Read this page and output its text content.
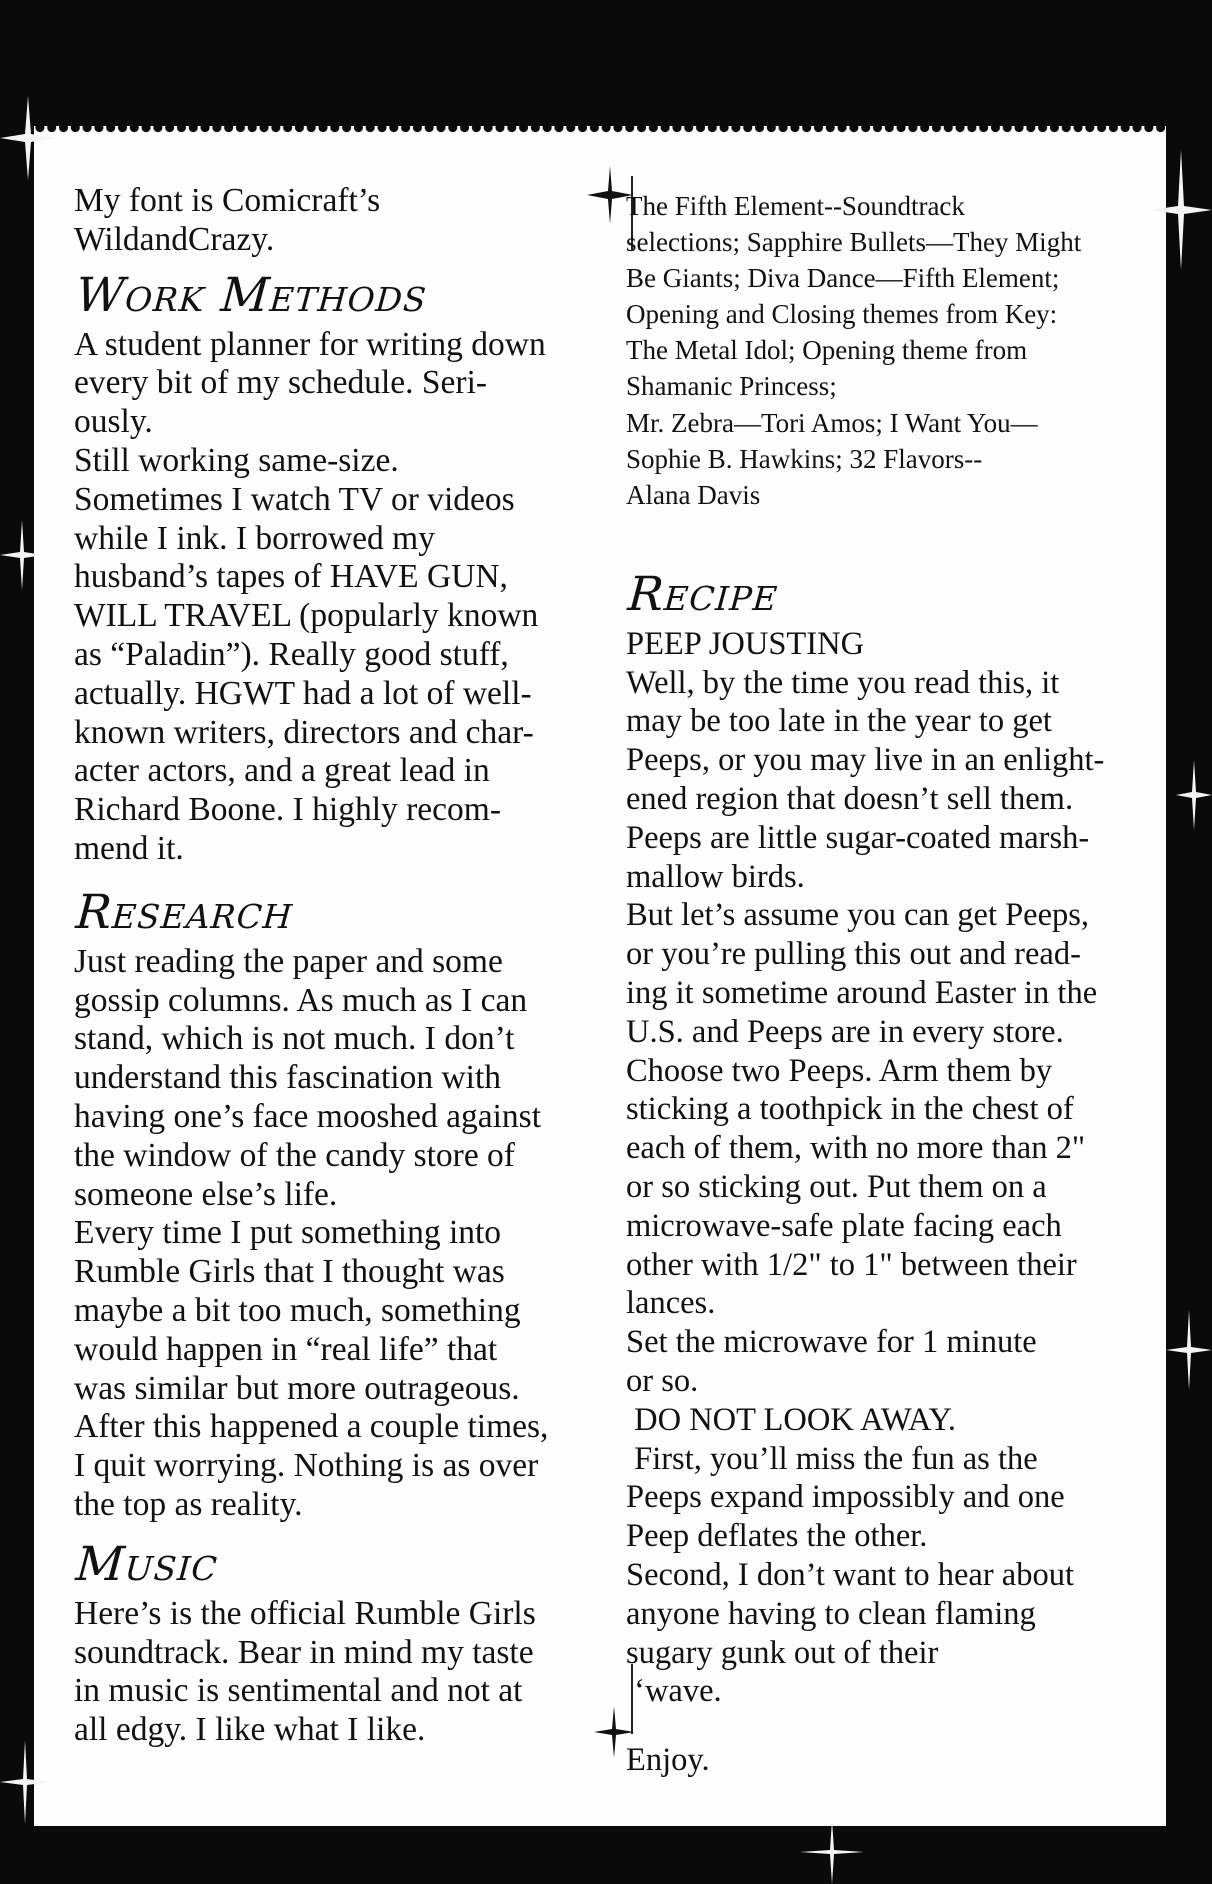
My font is Comicraft’s
WildandCrazy.
Work Methods
A student planner for writing down
every bit of my schedule. Seri-
ously.
Still working same-size.
Sometimes I watch TV or videos
while I ink. I borrowed my
husband’s tapes of HAVE GUN,
WILL TRAVEL (popularly known
as “Paladin”). Really good stuff,
actually. HGWT had a lot of well-
known writers, directors and char-
acter actors, and a great lead in
Richard Boone. I highly recom-
mend it.
Research
Just reading the paper and some
gossip columns. As much as I can
stand, which is not much. I don’t
understand this fascination with
having one’s face mooshed against
the window of the candy store of
someone else’s life.
Every time I put something into
Rumble Girls that I thought was
maybe a bit too much, something
would happen in “real life” that
was similar but more outrageous.
After this happened a couple times,
I quit worrying. Nothing is as over
the top as reality.
Music
Here’s is the official Rumble Girls
soundtrack. Bear in mind my taste
in music is sentimental and not at
all edgy. I like what I like.
The Fifth Element--Soundtrack
selections; Sapphire Bullets—They Might
Be Giants; Diva Dance—Fifth Element;
Opening and Closing themes from Key:
The Metal Idol; Opening theme from
Shamanic Princess;
Mr. Zebra—Tori Amos; I Want You—
Sophie B. Hawkins; 32 Flavors--
Alana Davis
Recipe
PEEP JOUSTING
Well, by the time you read this, it
may be too late in the year to get
Peeps, or you may live in an enlight-
ened region that doesn’t sell them.
Peeps are little sugar-coated marsh-
mallow birds.
But let’s assume you can get Peeps,
or you’re pulling this out and read-
ing it sometime around Easter in the
U.S. and Peeps are in every store.
Choose two Peeps. Arm them by
sticking a toothpick in the chest of
each of them, with no more than 2"
or so sticking out. Put them on a
microwave-safe plate facing each
other with 1/2" to 1" between their
lances.
Set the microwave for 1 minute
or so.
DO NOT LOOK AWAY.
First, you’ll miss the fun as the
Peeps expand impossibly and one
Peep deflates the other.
Second, I don’t want to hear about
anyone having to clean flaming
sugary gunk out of their
‘wave.
Enjoy.
